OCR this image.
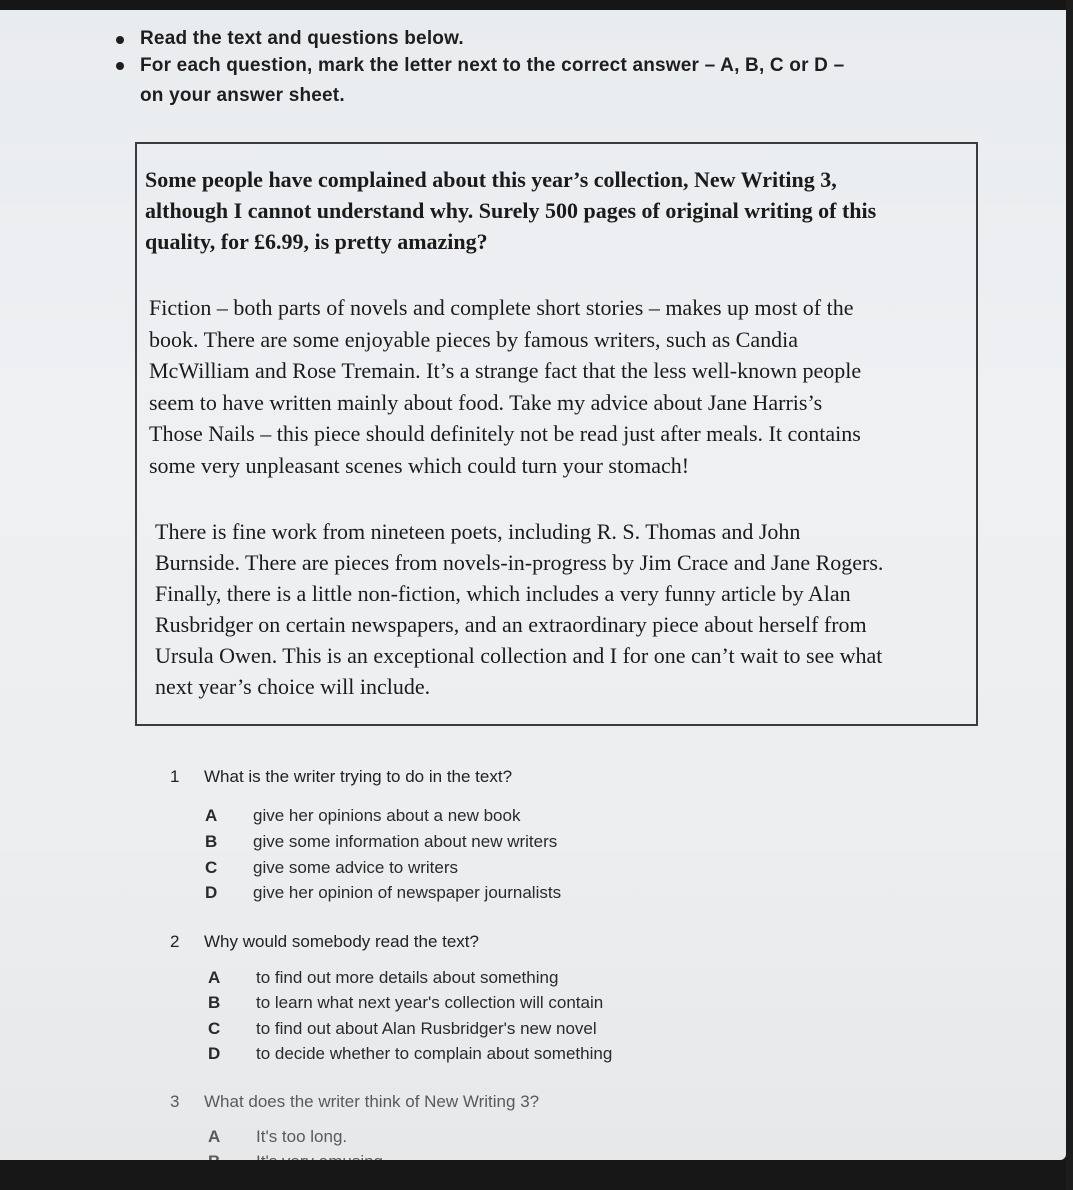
Read the text and questions below.
For each question, mark the letter next to the correct answer – A, B, C or D –
on your answer sheet.
Some people have complained about this year’s collection, New Writing 3,
although I cannot understand why. Surely 500 pages of original writing of this
quality, for £6.99, is pretty amazing?
Fiction – both parts of novels and complete short stories – makes up most of the
book. There are some enjoyable pieces by famous writers, such as Candia
McWilliam and Rose Tremain. It’s a strange fact that the less well-known people
seem to have written mainly about food. Take my advice about Jane Harris’s
Those Nails – this piece should definitely not be read just after meals. It contains
some very unpleasant scenes which could turn your stomach!
There is fine work from nineteen poets, including R. S. Thomas and John
Burnside. There are pieces from novels-in-progress by Jim Crace and Jane Rogers.
Finally, there is a little non-fiction, which includes a very funny article by Alan
Rusbridger on certain newspapers, and an extraordinary piece about herself from
Ursula Owen. This is an exceptional collection and I for one can’t wait to see what
next year’s choice will include.
1 What is the writer trying to do in the text?
A give her opinions about a new book
B give some information about new writers
C give some advice to writers
D give her opinion of newspaper journalists
2 Why would somebody read the text?
A to find out more details about something
B to learn what next year's collection will contain
C to find out about Alan Rusbridger's new novel
D to decide whether to complain about something
3 What does the writer think of New Writing 3?
A It's too long.
